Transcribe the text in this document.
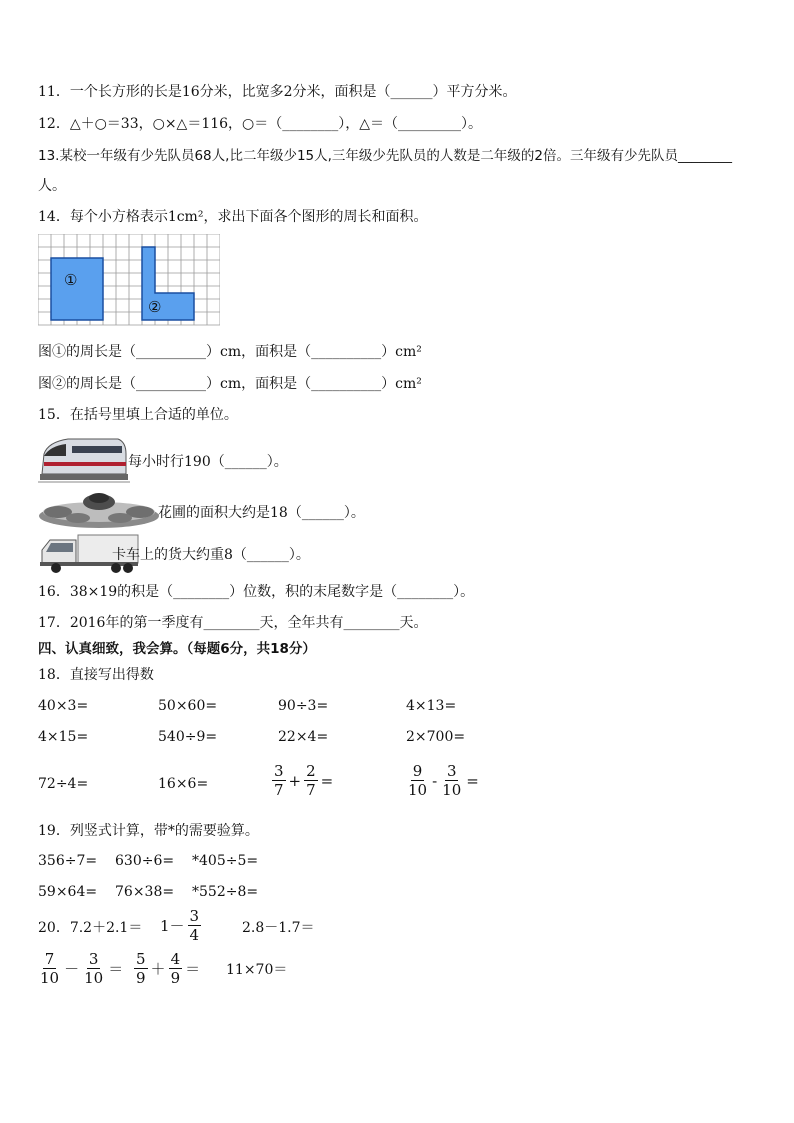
11．一个长方形的长是16分米，比宽多2分米，面积是（______）平方分米。
12．△＋○＝33，○×△＝116，○＝（________），△＝（_________）。
13.某校一年级有少先队员68人,比二年级少15人,三年级少先队员的人数是二年级的2倍。三年级有少先队员________
人。
14．每个小方格表示1cm²，求出下面各个图形的周长和面积。
①
②
图①的周长是（__________）cm，面积是（__________）cm²
图②的周长是（__________）cm，面积是（__________）cm²
15．在括号里填上合适的单位。
每小时行190（______）。
花圃的面积大约是18（______）。
卡车上的货大约重8（______）。
16．38×19的积是（________）位数，积的末尾数字是（________）。
17．2016年的第一季度有________天，全年共有________天。
四、认真细致，我会算。（每题6分，共18分）
18．直接写出得数
40×3=	50×60=	90÷3=	4×13=
4×15=	540÷9=	22×4=	2×700=
72÷4=	16×6=	$\frac{3}{7} + \frac{2}{7}$ =	$\frac{9}{10} - \frac{3}{10}$ =
19．列竖式计算，带*的需要验算。
356÷7= 630÷6= *405÷5=
59×64= 76×38= *552÷8=
20．$7.2+2.1= 1- \frac{3}{4}$	2.8－1.7＝
$\frac{7}{10} - \frac{3}{10} = \frac{5}{9} + \frac{4}{9} = 11\times 70=$
